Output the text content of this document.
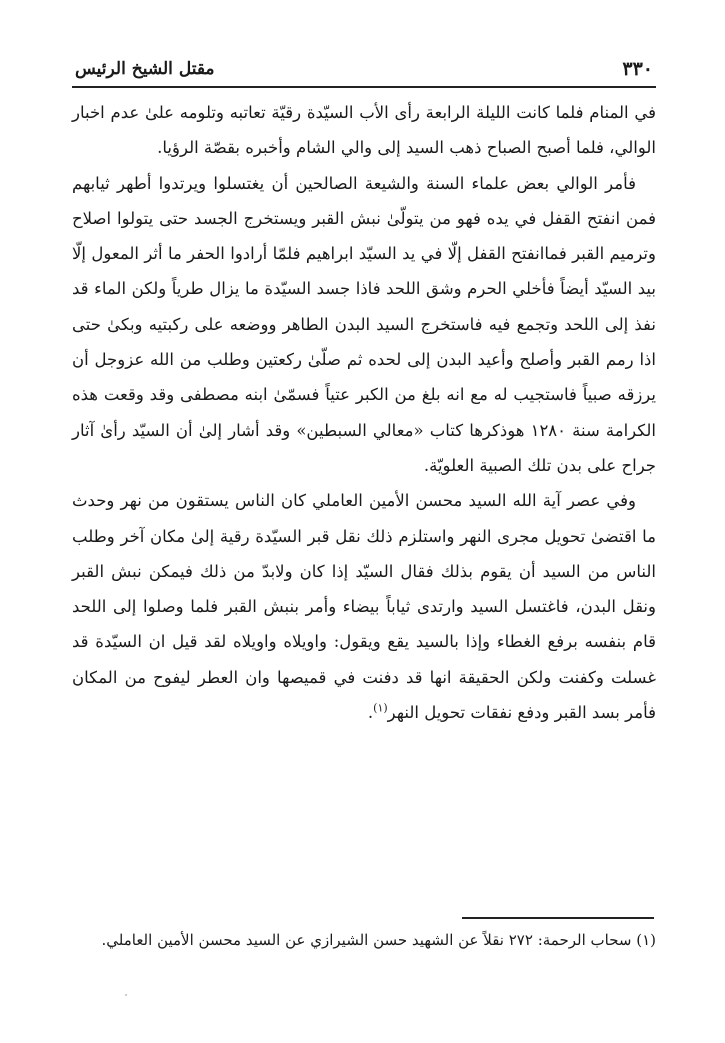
٣٣٠
مقتل الشيخ الرئيس

في المنام فلما كانت الليلة الرابعة رأى الأب السيّدة رقيّة تعاتبه وتلومه علىٰ عدم اخبار الوالي، فلما أصبح الصباح ذهب السيد إلى والي الشام وأخبره بقصّة الرؤيا.

فأمر الوالي بعض علماء السنة والشيعة الصالحين أن يغتسلوا ويرتدوا أطهر ثيابهم فمن انفتح القفل في يده فهو من يتولّىٰ نبش القبر ويستخرج الجسد حتى يتولوا اصلاح وترميم القبر فماانفتح القفل إلّا في يد السيّد ابراهيم فلمّا أرادوا الحفر ما أثر المعول إلّا بيد السيّد أيضاً فأخلي الحرم وشق اللحد فاذا جسد السيّدة ما يزال طرياً ولكن الماء قد نفذ إلى اللحد وتجمع فيه فاستخرج السيد البدن الطاهر ووضعه على ركبتيه وبكىٰ حتى اذا رمم القبر وأصلح وأعيد البدن إلى لحده ثم صلّىٰ ركعتين وطلب من الله عزوجل أن يرزقه صبياً فاستجيب له مع انه بلغ من الكبر عتياً فسمّىٰ ابنه مصطفى وقد وقعت هذه الكرامة سنة ١٢٨٠ هوذكرها كتاب «معالي السبطين» وقد أشار إلىٰ أن السيّد رأىٰ آثار جراح على بدن تلك الصبية العلويّة.

وفي عصر آية الله السيد محسن الأمين العاملي كان الناس يستقون من نهر وحدث ما اقتضىٰ تحويل مجرى النهر واستلزم ذلك نقل قبر السيّدة رقية إلىٰ مكان آخر وطلب الناس من السيد أن يقوم بذلك فقال السيّد إذا كان ولابدّ من ذلك فيمكن نبش القبر ونقل البدن، فاغتسل السيد وارتدى ثياباً بيضاء وأمر بنبش القبر فلما وصلوا إلى اللحد قام بنفسه برفع الغطاء وإذا بالسيد يقع ويقول: واويلاه واويلاه لقد قيل ان السيّدة قد غسلت وكفنت ولكن الحقيقة انها قد دفنت في قميصها وان العطر ليفوح من المكان فأمر بسد القبر ودفع نفقات تحويل النهر$^{(١)}$.

(١) سحاب الرحمة: ٢٧٢ نقلاً عن الشهيد حسن الشيرازي عن السيد محسن الأمين العاملي.
